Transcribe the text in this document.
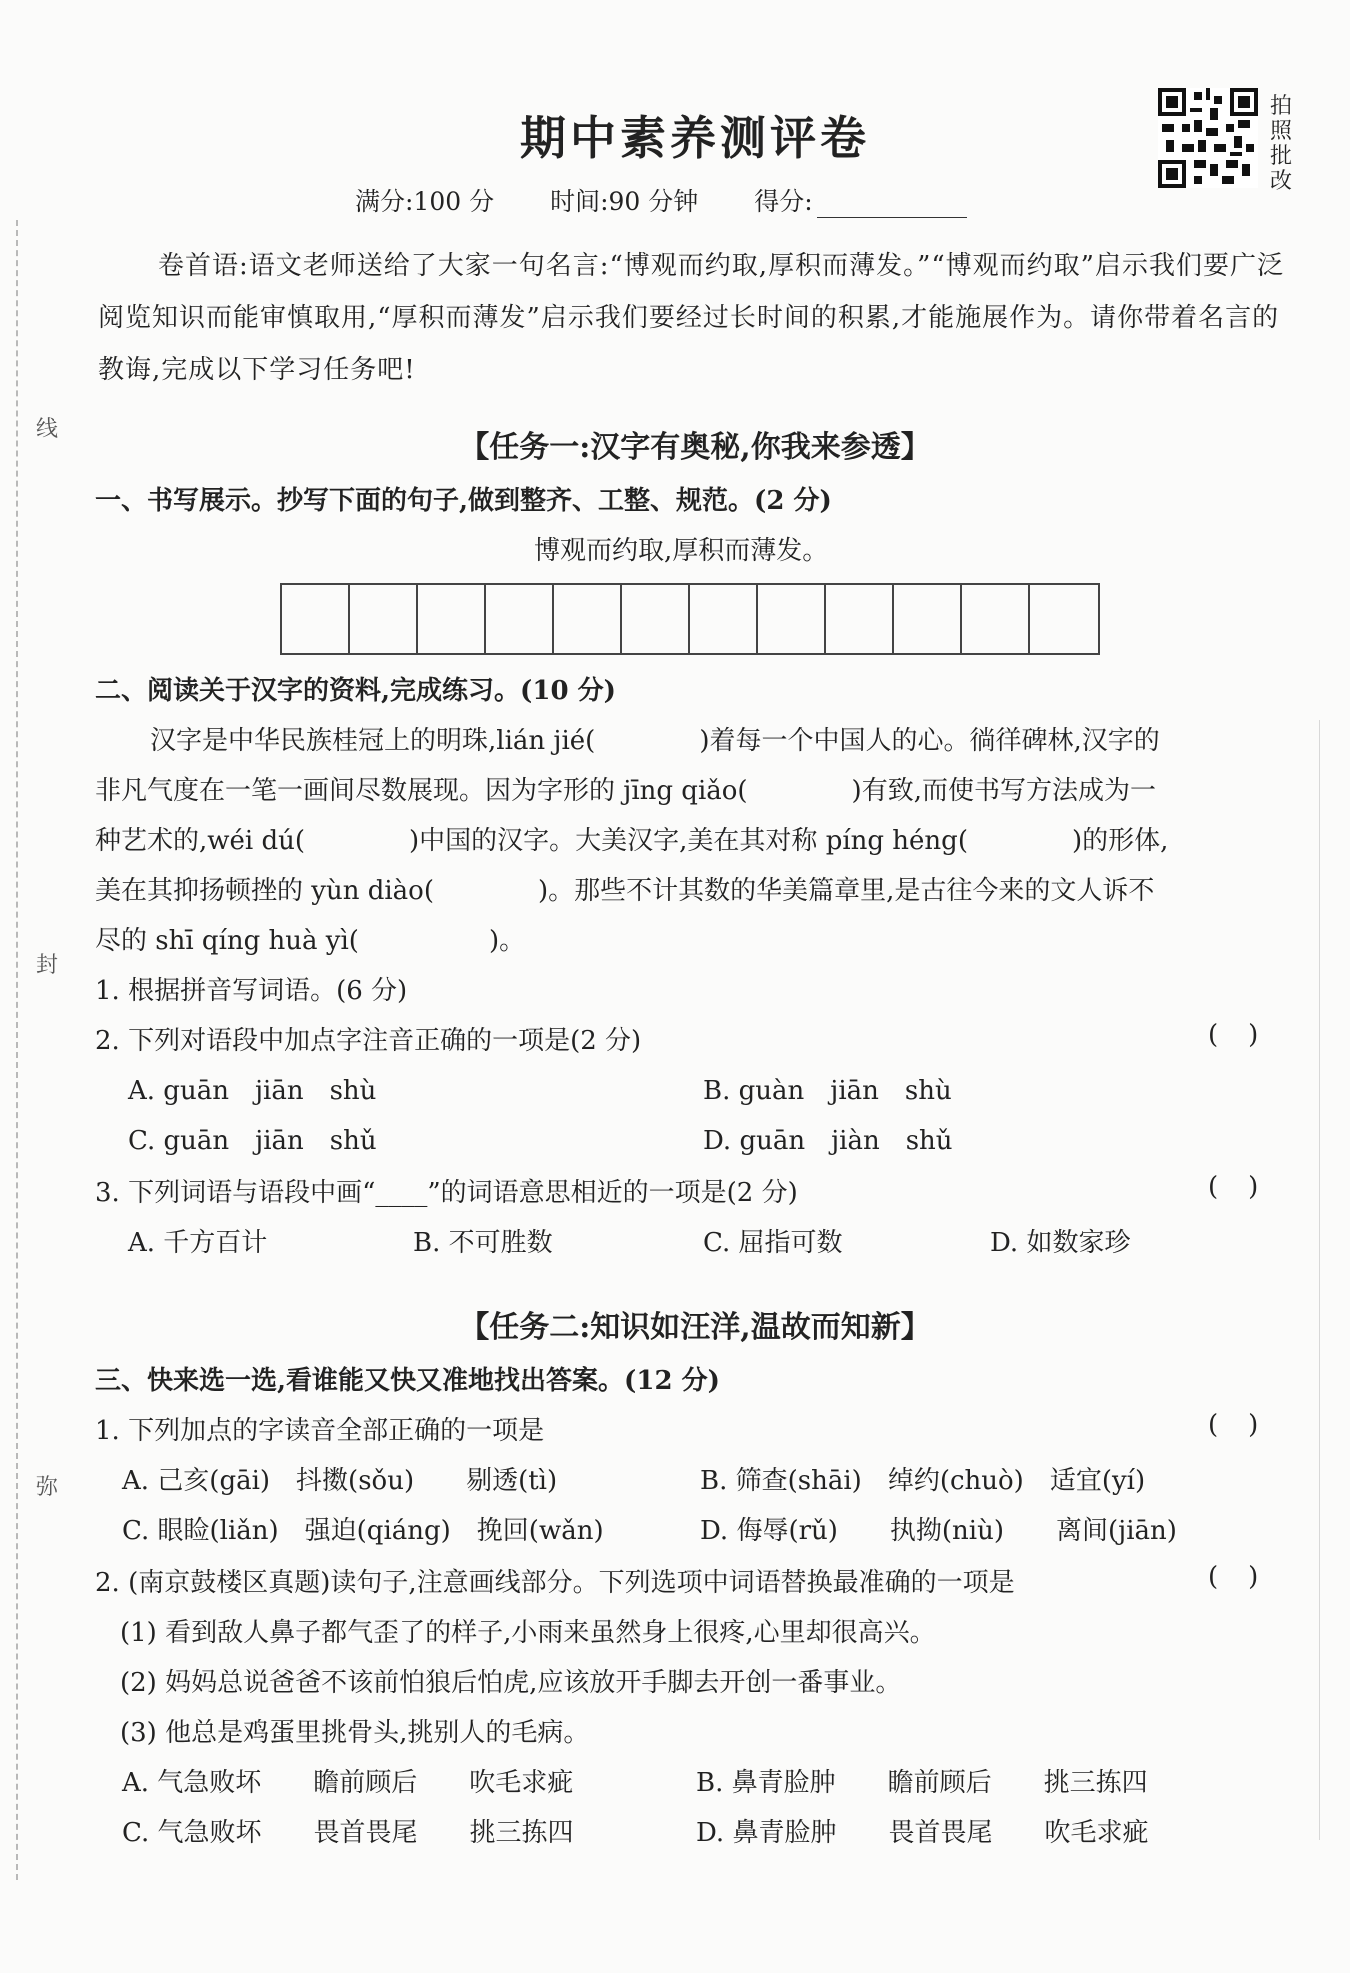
线
封
弥
期中素养测评卷
拍照批改
满分:100 分 时间:90 分钟 得分:
卷首语:语文老师送给了大家一句名言:“博观而约取,厚积而薄发。”“博观而约取”启示我们要广泛阅览知识而能审慎取用,“厚积而薄发”启示我们要经过长时间的积累,才能施展作为。请你带着名言的教诲,完成以下学习任务吧!
【任务一:汉字有奥秘,你我来参透】
一、书写展示。抄写下面的句子,做到整齐、工整、规范。(2 分)
博观而约取,厚积而薄发。
二、阅读关于汉字的资料,完成练习。(10 分)
汉字是中华民族桂冠上的明珠,lián jié(　　　　)着每一个中国人的心。徜徉碑林,汉字的
非凡气度在一笔一画间尽数展现。因为字形的 jīng qiǎo(　　　　)有致,而使书写方法成为一
种艺术的,wéi dú(　　　　)中国的汉字。大美汉字,美在其对称 píng héng(　　　　)的形体,
美在其抑扬顿挫的 yùn diào(　　　　)。那些不计其数的华美篇章里,是古往今来的文人诉不
尽的 shī qíng huà yì(　　　　　)。
1. 根据拼音写词语。(6 分)
2. 下列对语段中加点字注音正确的一项是(2 分)	()
A. guān　jiān　shù	B. guàn　jiān　shù
C. guān　jiān　shǔ	D. guān　jiàn　shǔ
3. 下列词语与语段中画“____”的词语意思相近的一项是(2 分)	()
A. 千方百计	B. 不可胜数	C. 屈指可数	D. 如数家珍
【任务二:知识如汪洋,温故而知新】
三、快来选一选,看谁能又快又准地找出答案。(12 分)
1. 下列加点的字读音全部正确的一项是	()
A. 己亥(gāi)　抖擞(sǒu)　　剔透(tì)	B. 筛查(shāi)　绰约(chuò)　适宜(yí)
C. 眼睑(liǎn)　强迫(qiáng)　挽回(wǎn)	D. 侮辱(rǔ)　　执拗(niù)　　离间(jiān)
2. (南京鼓楼区真题)读句子,注意画线部分。下列选项中词语替换最准确的一项是	()
(1) 看到敌人鼻子都气歪了的样子,小雨来虽然身上很疼,心里却很高兴。
(2) 妈妈总说爸爸不该前怕狼后怕虎,应该放开手脚去开创一番事业。
(3) 他总是鸡蛋里挑骨头,挑别人的毛病。
A. 气急败坏　　瞻前顾后　　吹毛求疵	B. 鼻青脸肿　　瞻前顾后　　挑三拣四
C. 气急败坏　　畏首畏尾　　挑三拣四	D. 鼻青脸肿　　畏首畏尾　　吹毛求疵
